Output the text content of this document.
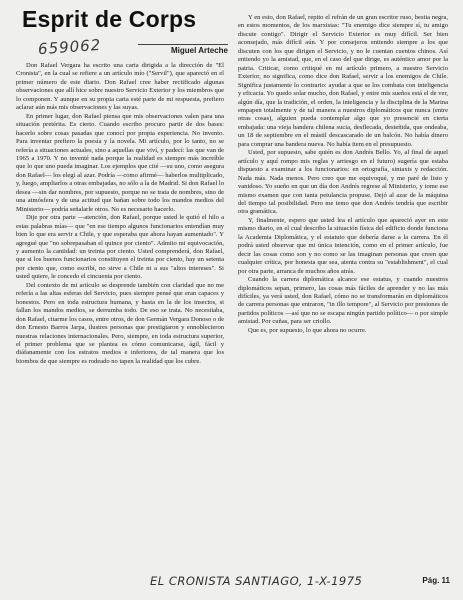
Esprit de Corps
659062	Miguel Arteche

Don Rafael Vergara ha escrito una carta dirigida a la dirección de "El Cronista", en la cual se refiere a un artículo mío ("Servil"), que apareció en el primer número de este diario. Don Rafael cree haber rectificado algunas observaciones que allí hice sobre nuestro Servicio Exterior y los miembros que lo componen. Y aunque en su propia carta esté parte de mi respuesta, prefiero aclarar aún más mis observaciones y las suyas.

En primer lugar, don Rafael piensa que mis observaciones valen para una situación pretérita. Es cierto. Cuando escribo procuro partir de dos bases: hacerlo sobre cosas pasadas que conocí por propia experiencia. No invento. Para inventar prefiero la poesía y la novela. Mi artículo, por lo tanto, no se refería a situaciones actuales, sino a aquellas que viví, y padecí: las que van de 1965 a 1970. Y no inventé nada porque la realidad es siempre más increíble que lo que uno pueda imaginar. Los ejemplos que cité —su uno, como asegura don Rafael— los elegí al azar. Podría —como afirmé— haberlos multiplicado, y, luego, ampliarlos a otras embajadas, no sólo a la de Madrid. Si don Rafael lo desea —sin dar nombres, por supuesto, porque no se trata de nombres, sino de una atmósfera y de una actitud que bañan sobre todo los mandos medios del Ministerio— podría señalarle otros. No es necesario hacerlo.

Dije por otra parte —atención, don Rafael, porque usted le quitó el hilo a estas palabras mías— que "en ese tiempo algunos funcionarios entendían muy bien lo que era servir a Chile, y que esperaba que ahora hayan aumentado". Y agregué que "no sobrepasaban el quince por ciento". Admito mi equivocación, y aumento la cantidad: un treinta por ciento. Usted comprenderá, don Rafael, que si los buenos funcionarios constituyen el treinta por ciento, hay un setenta por ciento que, como escribí, no sirve a Chile ni a sus "altos intereses". Si usted quiere, le concedo el cincuenta por ciento.

Del contexto de mi artículo se desprende también con claridad que no me refería a las altas esferas del Servicio, pues siempre pensé que eran capaces y honestos. Pero en toda estructura humana, y hasta en la de los insectos, si fallan los mandos medios, se derrumba todo. De eso se trata. No necesitaba, don Rafael, citarme los casos, entre otros, de don Germán Vergara Donoso o de don Ernesto Barros Jarpa, ilustres personas que prestigiaron y ennoblecieron nuestras relaciones internacionales. Pero, siempre, en toda estructura superior, el primer problema que se plantea es cómo comunicarse, ágil, fácil y diáfanamente con los estratos medios e inferiores, de tal manera que los biombos de que siempre es rodeado no tapen la realidad que los cubre.

Y en esto, don Rafael, repito el refrán de un gran escritor ruso, bestia negra, en estos momentos, de los marxistas: "Tu enemigo dice siempre sí, tu amigo discute contigo". Dirigir el Servicio Exterior es muy difícil. Ser bien aconsejado, más difícil aún. Y por consejeros entiendo siempre a los que discuten con los que dirigen el Servicio, y no le cuentan cuentos chinos. Así entiendo yo la amistad, que, en el caso del que dirige, es auténtico amor por la patria. Criticar, como critiqué en mi artículo primero, a nuestro Servicio Exterior, no significa, como dice don Rafael, servir a los enemigos de Chile. Significa justamente lo contrario: ayudar a que se los combata con inteligencia y eficacia. Yo quedo solar mucho, don Rafael, y entre mis sueños está el de ver, algún día, que la tradición, el orden, la inteligencia y la disciplina de la Marina empapen totalmente y de tal manera a nuestros diplomáticos que nunca (entre otras cosas), alguien pueda contemplar algo que yo presencié en cierta embajada: una vieja bandera chilena sucia, desflecada, desteñida, que ondeaba, un 18 de septiembre en el mástil descascarado de un balcón. No había dinero para comprar una bandera nueva. No había item en el presupuesto.

Usted, por supuesto, sabe quién es don Andrés Bello. Yo, al final de aquel artículo y aquí rompo mis reglas y arriesgo en el futuro) sugería que estaba dispuesto a examinar a los funcionarios: en ortografía, sintaxis y redacción. Nada más. Nada menos. Pero creo que me equivoqué, y me paré de listo y vanidoso. Yo sueño en que un día don Andrés regrese al Ministerio, y tome ese mismo examen que con tanta petulancia propuse. Dejó al azar de la máquina del tiempo tal posibilidad. Pero me temo que don Andrés tendría que escribir otra gramática.

Y, finalmente, espero que usted lea el artículo que apareció ayer en este mismo diario, en el cual describo la situación física del edificio donde funciona la Academia Diplomática, y el estatuto que debería darse a la carrera. En él podrá usted observar que mi única intención, como en el primer artículo, fue decir las cosas como son y no como se las imaginan personas que creen que cualquier crítica, por honesta que sea, atenta contra su "establishment", el cual por otra parte, arranca de muchos años atrás.

Cuando la carrera diplomática alcance ese estatus, y cuando nuestros diplomáticos sepan, primero, las cosas más fáciles de aprender y no las más difíciles, ya verá usted, don Rafael, cómo no se transformarán en diplomáticos de carrera personas que entraron, "in illo tempore", al Servicio por presiones de partidos políticos —así que no se escapa ningún partido político— o por simple amistad. Por cuñas, para ser criollo.

Que es, por supuesto, lo que ahora no ocurre.

EL CRONISTA SANTIAGO, 1-X-1975	Pág. 11
